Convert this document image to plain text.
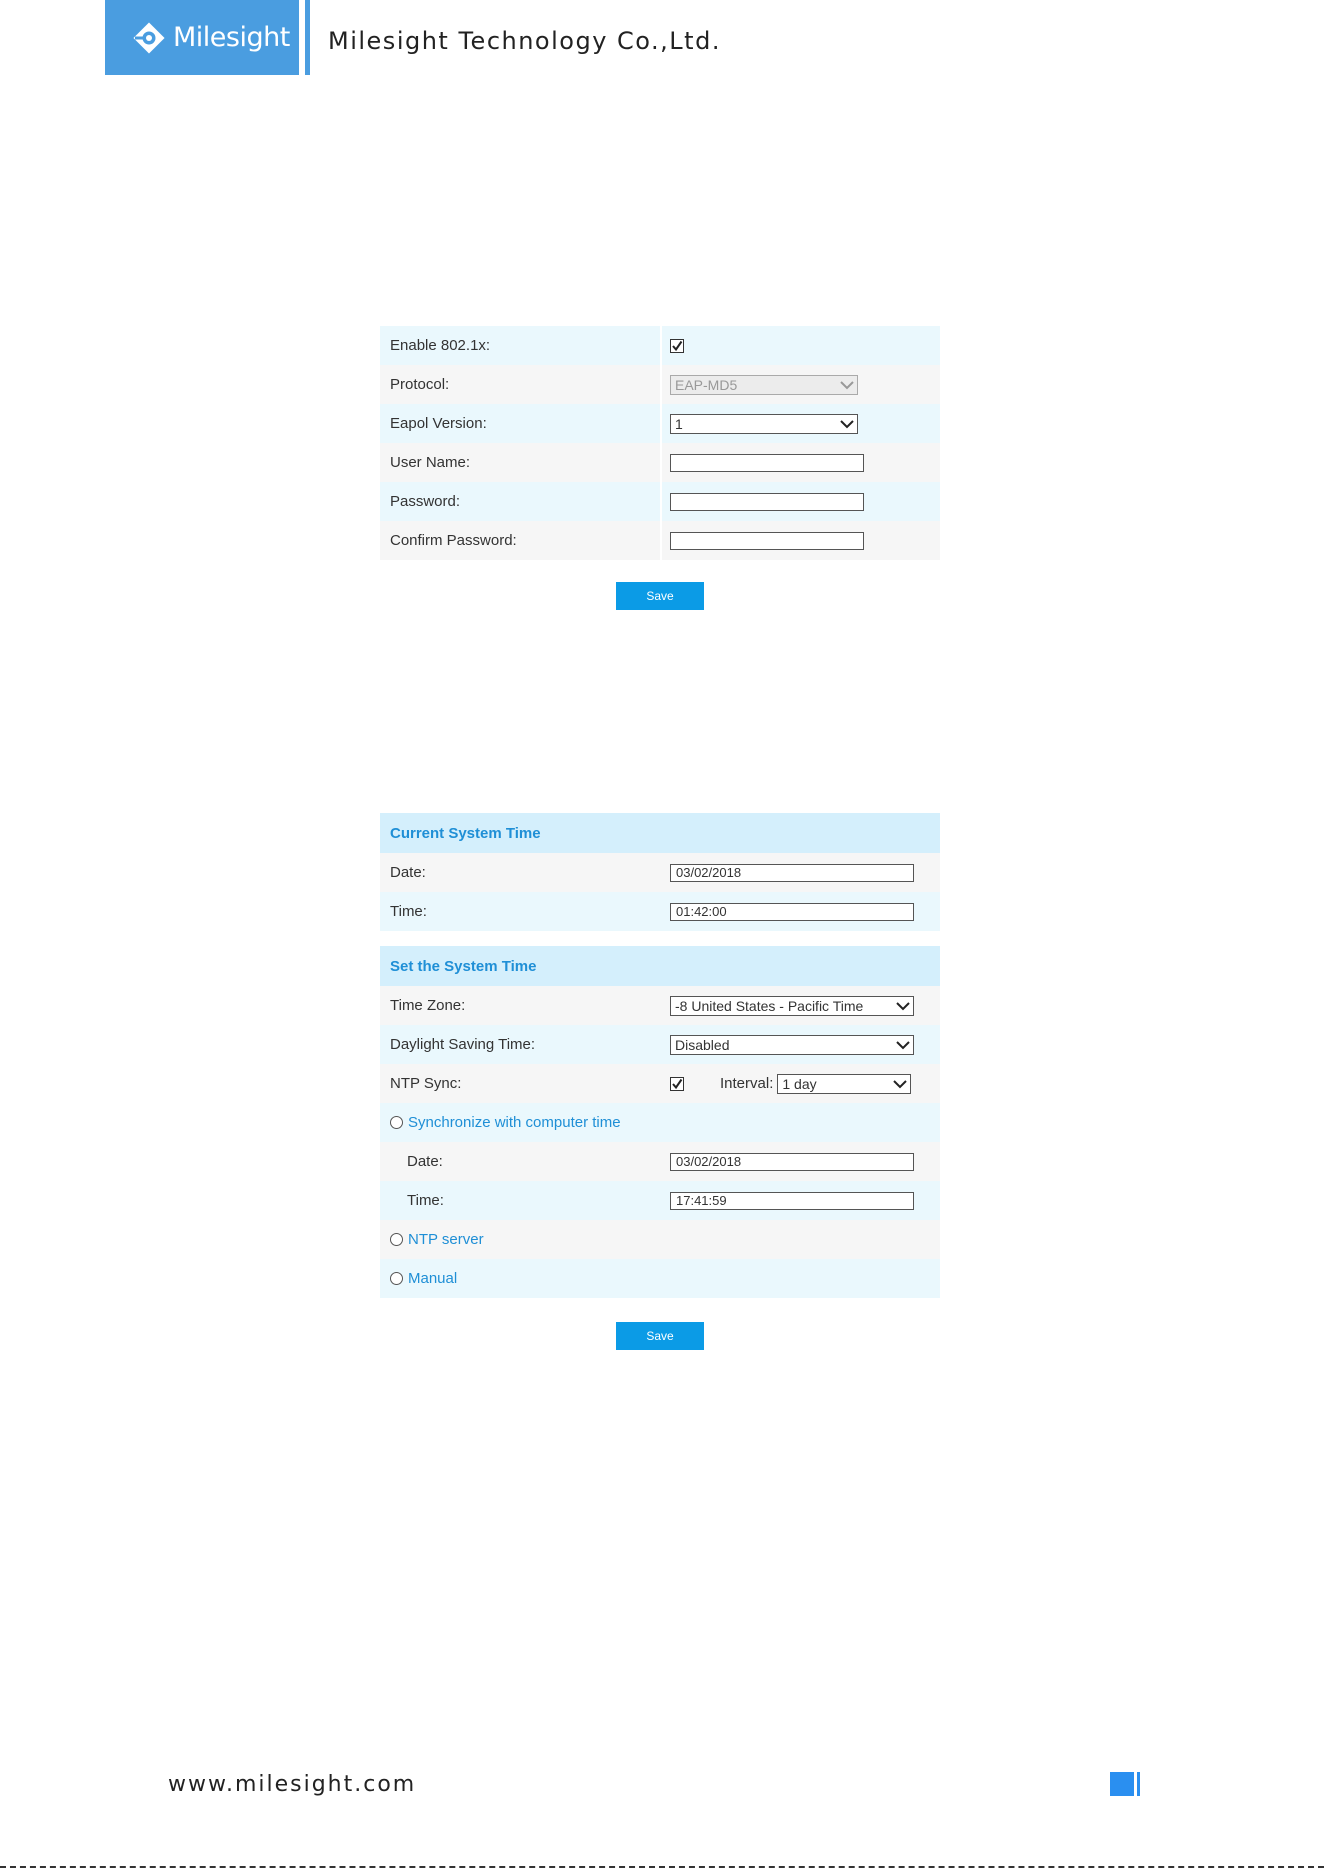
Milesight Milesight Technology Co.,Ltd.
Enable 802.1x:
Protocol:	EAP-MD5
Eapol Version:	1
User Name:
Password:
Confirm Password:
Save
Current System Time
Date:	03/02/2018
Time:	01:42:00
Set the System Time
Time Zone:	-8 United States - Pacific Time
Daylight Saving Time:	Disabled
NTP Sync:	Interval: 1 day
Synchronize with computer time
Date:	03/02/2018
Time:	17:41:59
NTP server
Manual
Save
www.milesight.com
